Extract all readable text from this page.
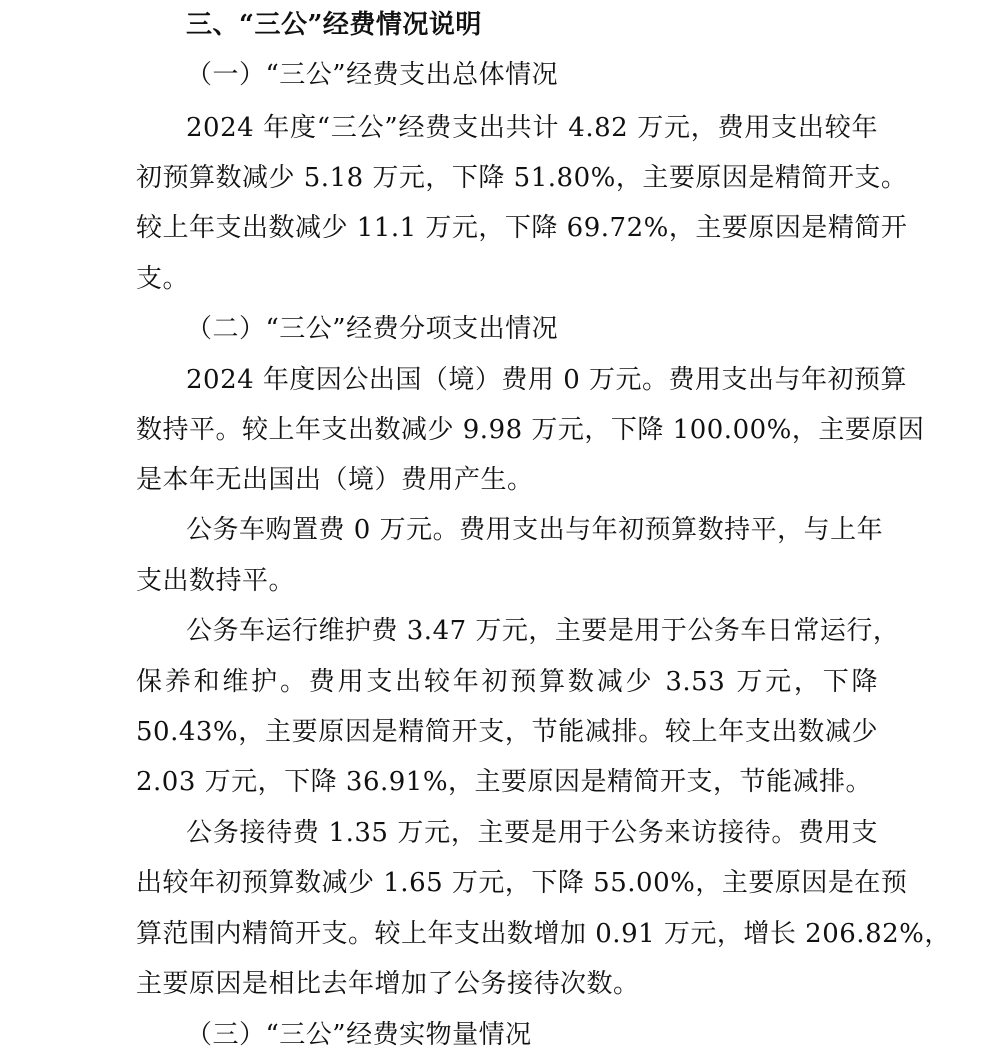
三、“三公”经费情况说明
（一）“三公”经费支出总体情况
2024 年度“三公”经费支出共计 4.82 万元，费用支出较年
初预算数减少 5.18 万元，下降 51.80%，主要原因是精简开支。
较上年支出数减少 11.1 万元，下降 69.72%，主要原因是精简开
支。
（二）“三公”经费分项支出情况
2024 年度因公出国（境）费用 0 万元。费用支出与年初预算
数持平。较上年支出数减少 9.98 万元，下降 100.00%，主要原因
是本年无出国出（境）费用产生。
公务车购置费 0 万元。费用支出与年初预算数持平，与上年
支出数持平。
公务车运行维护费 3.47 万元，主要是用于公务车日常运行，
保养和维护。费用支出较年初预算数减少 3.53 万元，下降
50.43%，主要原因是精简开支，节能减排。较上年支出数减少
2.03 万元，下降 36.91%，主要原因是精简开支，节能减排。
公务接待费 1.35 万元，主要是用于公务来访接待。费用支
出较年初预算数减少 1.65 万元，下降 55.00%，主要原因是在预
算范围内精简开支。较上年支出数增加 0.91 万元，增长 206.82%，
主要原因是相比去年增加了公务接待次数。
（三）“三公”经费实物量情况
